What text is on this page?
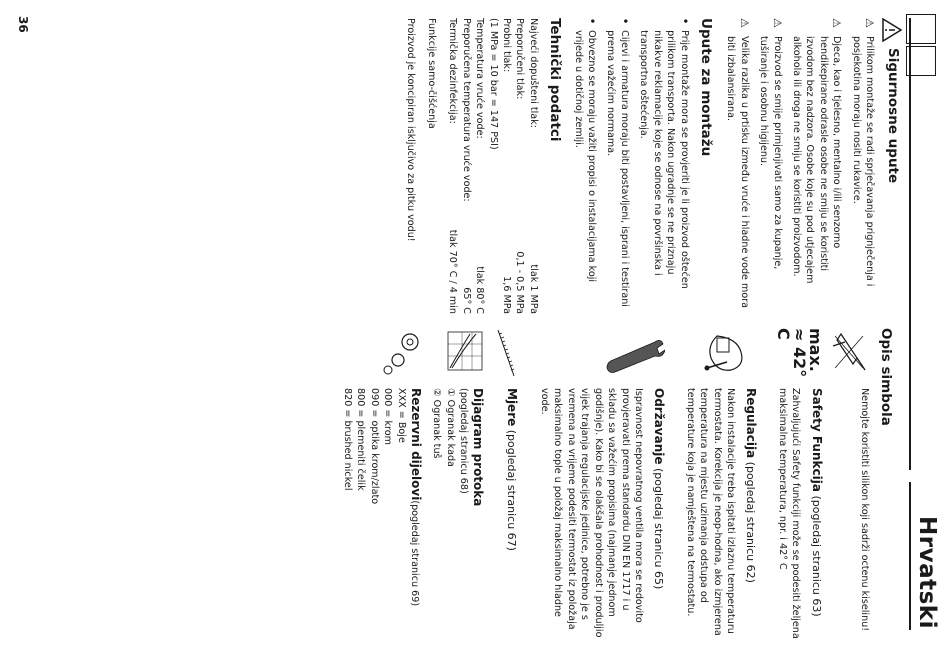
Hrvatski
Sigurnosne upute
⚠
Prilikom montaže se radi sprječavanja prignječenja i posjekotina moraju nositi rukavice.
⚠
Djeca, kao i tjelesno, mentalno i/ili senzorno hendikepirane odrasle osobe ne smiju se koristiti izvodom bez nadzora. Osobe koje su pod utjecajem alkohola ili droga ne smiju se koristiti proizvodom.
⚠
Proizvod se smije primjenjivati samo za kupanje, tuširanje i osobnu higijenu.
⚠
Velika razlika u prtisku između vruće i hladne vode mora biti izbalansirana.
Upute za montažu
•
Prije montaže mora se provjeriti je li proizvod oštećen prilikom transporta. Nakon ugradnje se ne priznaju nikakve reklamacije koje se odnose na površinska i transportna oštećenja.
•
Cijevi i armatura moraju biti postavljeni, isprani i testirani prema važećim normama.
•
Obvezno se moraju važiti propisi o instalacijama koji vrijede u dotičnoj zemlji.
Tehnički podatci
Najveći dopušteni tlak:
tlak 1 MPa
Preporučeni tlak:
0,1 - 0,5 MPa
Probni tlak:
1,6 MPa
(1 MPa = 10 bar = 147 PSI)
Temperatura vruće vode:
tlak 80° C
Preporučena temperatura vruće vode:
65° C
Termička dezinfekcija:
tlak 70° C / 4 min

Funkcije samo-čišćenja

Proizvod je koncipiran isključivo za pitku vodu!

Opis simbola
Nemojte koristiti silikon koji sadrži octenu kiselinu!
max.
≈ 42° C

Safety Funkcija (pogledaj stranicu 63)

Zahvaljujući Safety funkciji može se podesiti željena maksimalna temperatura, npr. i 42° C

Regulacija (pogledaj stranicu 62)

Nakon instalacije treba ispitati izlaznu temperaturu termostata. Korekcija je neop-hodna, ako izmjerena temperatura na mjestu uzimanja odstupa od temperature koja je namještena na termostatu.

Održavanje (pogledaj stranicu 65)

Ispravnost nepovratnog ventila mora se redovito provjeravati prema standardu DIN EN 1717 i u skladu sa važećim propisima (najmanje jednom godišnje). Kako bi se olakšala prohodnost i produljio vijek trajanja regulacijske jedinice, potrebno je s vremena na vrijeme podesiti termostat iz položaja maksimalno tople u položaj maksimalno hladne vode.

Mjere (pogledaj stranicu 67)

Dijagram protoka
(pogledaj stranicu 68)
① Ogranak kada
② Ogranak tuš
Rezervni dijelovi(pogledaj stranicu 69)
XXX = Boje
000 = krom
090 = optika krom/zlato
800 = plemeniti čelik
820 = brushed nickel
36
